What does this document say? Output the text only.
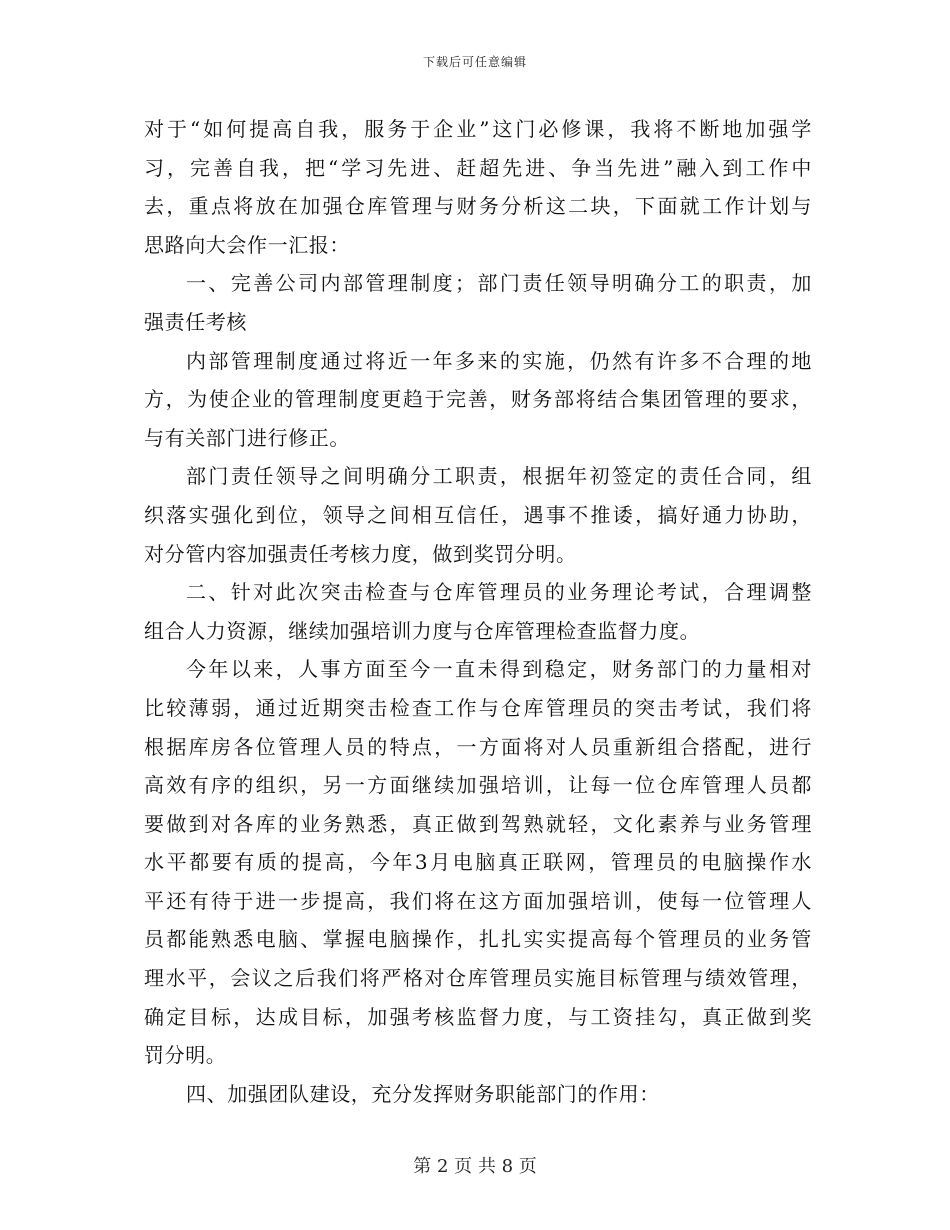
下载后可任意编辑
对于“如何提高自我，服务于企业”这门必修课，我将不断地加强学
习，完善自我，把“学习先进、赶超先进、争当先进”融入到工作中
去，重点将放在加强仓库管理与财务分析这二块，下面就工作计划与
思路向大会作一汇报：
一、完善公司内部管理制度；部门责任领导明确分工的职责，加
强责任考核
内部管理制度通过将近一年多来的实施，仍然有许多不合理的地
方，为使企业的管理制度更趋于完善，财务部将结合集团管理的要求，
与有关部门进行修正。
部门责任领导之间明确分工职责，根据年初签定的责任合同，组
织落实强化到位，领导之间相互信任，遇事不推诿，搞好通力协助，
对分管内容加强责任考核力度，做到奖罚分明。
二、针对此次突击检查与仓库管理员的业务理论考试，合理调整
组合人力资源，继续加强培训力度与仓库管理检查监督力度。
今年以来，人事方面至今一直未得到稳定，财务部门的力量相对
比较薄弱，通过近期突击检查工作与仓库管理员的突击考试，我们将
根据库房各位管理人员的特点，一方面将对人员重新组合搭配，进行
高效有序的组织，另一方面继续加强培训，让每一位仓库管理人员都
要做到对各库的业务熟悉，真正做到驾熟就轻，文化素养与业务管理
水平都要有质的提高，今年3月电脑真正联网，管理员的电脑操作水
平还有待于进一步提高，我们将在这方面加强培训，使每一位管理人
员都能熟悉电脑、掌握电脑操作，扎扎实实提高每个管理员的业务管
理水平，会议之后我们将严格对仓库管理员实施目标管理与绩效管理，
确定目标，达成目标，加强考核监督力度，与工资挂勾，真正做到奖
罚分明。
四、加强团队建设，充分发挥财务职能部门的作用：
第 2 页 共 8 页
